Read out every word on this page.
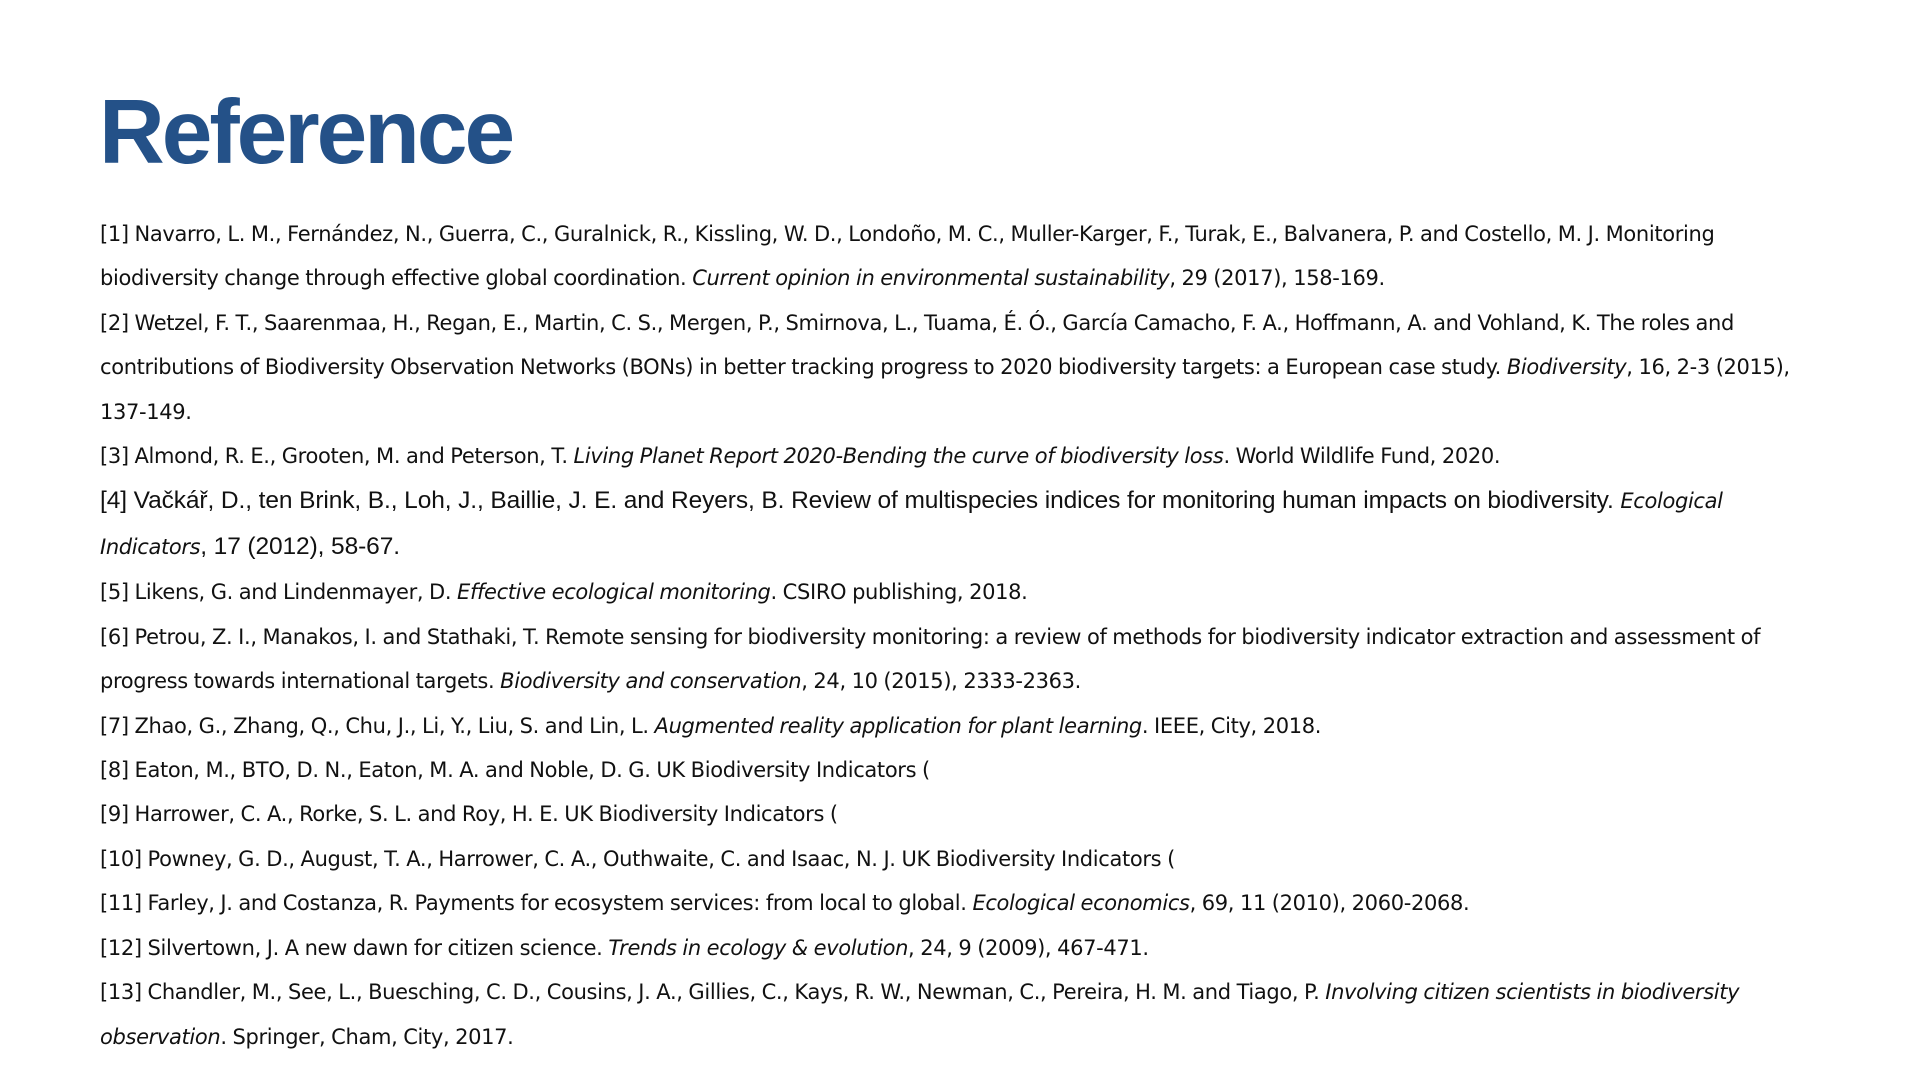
Reference
[1] Navarro, L. M., Fernández, N., Guerra, C., Guralnick, R., Kissling, W. D., Londoño, M. C., Muller-Karger, F., Turak, E., Balvanera, P. and Costello, M. J. Monitoring biodiversity change through effective global coordination. Current opinion in environmental sustainability, 29 (2017), 158-169.
[2] Wetzel, F. T., Saarenmaa, H., Regan, E., Martin, C. S., Mergen, P., Smirnova, L., Tuama, É. Ó., García Camacho, F. A., Hoffmann, A. and Vohland, K. The roles and contributions of Biodiversity Observation Networks (BONs) in better tracking progress to 2020 biodiversity targets: a European case study. Biodiversity, 16, 2-3 (2015), 137-149.
[3] Almond, R. E., Grooten, M. and Peterson, T. Living Planet Report 2020-Bending the curve of biodiversity loss. World Wildlife Fund, 2020.
[4] Vačkář, D., ten Brink, B., Loh, J., Baillie, J. E. and Reyers, B. Review of multispecies indices for monitoring human impacts on biodiversity. Ecological Indicators, 17 (2012), 58-67.
[5] Likens, G. and Lindenmayer, D. Effective ecological monitoring. CSIRO publishing, 2018.
[6] Petrou, Z. I., Manakos, I. and Stathaki, T. Remote sensing for biodiversity monitoring: a review of methods for biodiversity indicator extraction and assessment of progress towards international targets. Biodiversity and conservation, 24, 10 (2015), 2333-2363.
[7] Zhao, G., Zhang, Q., Chu, J., Li, Y., Liu, S. and Lin, L. Augmented reality application for plant learning. IEEE, City, 2018.
[8] Eaton, M., BTO, D. N., Eaton, M. A. and Noble, D. G. UK Biodiversity Indicators (
[9] Harrower, C. A., Rorke, S. L. and Roy, H. E. UK Biodiversity Indicators (
[10] Powney, G. D., August, T. A., Harrower, C. A., Outhwaite, C. and Isaac, N. J. UK Biodiversity Indicators (
[11] Farley, J. and Costanza, R. Payments for ecosystem services: from local to global. Ecological economics, 69, 11 (2010), 2060-2068.
[12] Silvertown, J. A new dawn for citizen science. Trends in ecology & evolution, 24, 9 (2009), 467-471.
[13] Chandler, M., See, L., Buesching, C. D., Cousins, J. A., Gillies, C., Kays, R. W., Newman, C., Pereira, H. M. and Tiago, P. Involving citizen scientists in biodiversity observation. Springer, Cham, City, 2017.
